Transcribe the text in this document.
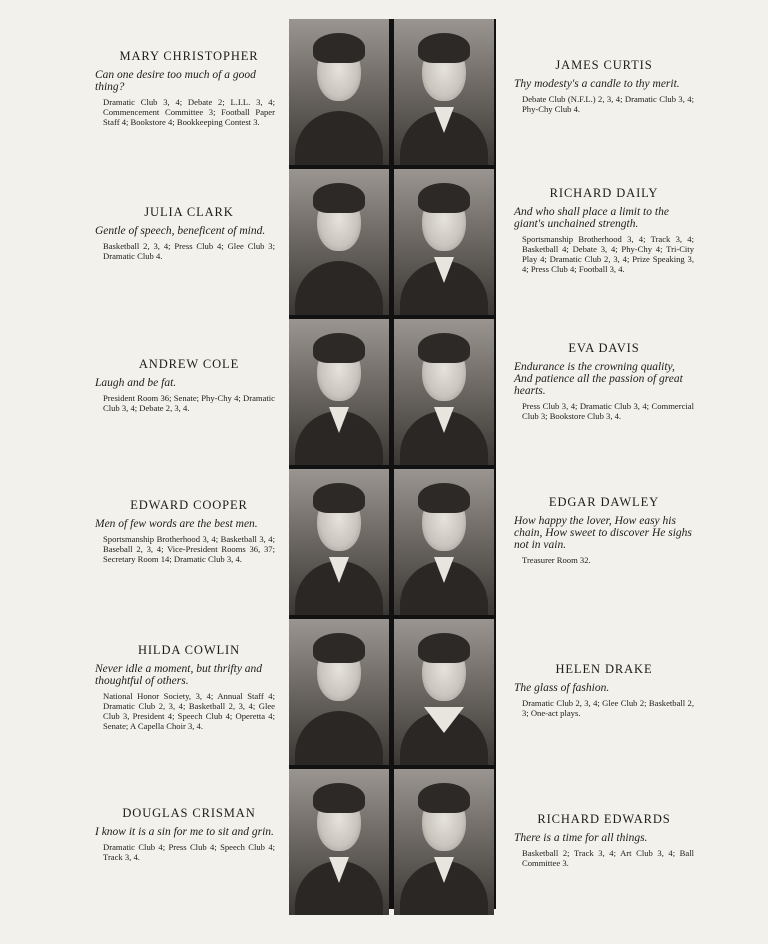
MARY CHRISTOPHER

Can one desire too much of a good thing?

Dramatic Club 3, 4; Debate 2; L.I.L. 3, 4; Commencement Committee 3; Football Paper Staff 4; Bookstore 4; Bookkeeping Contest 3.

JULIA CLARK

Gentle of speech, beneficent of mind.

Basketball 2, 3, 4; Press Club 4; Glee Club 3; Dramatic Club 4.

ANDREW COLE

Laugh and be fat.

President Room 36; Senate; Phy-Chy 4; Dramatic Club 3, 4; Debate 2, 3, 4.

EDWARD COOPER

Men of few words are the best men.

Sportsmanship Brotherhood 3, 4; Basketball 3, 4; Baseball 2, 3, 4; Vice-President Rooms 36, 37; Secretary Room 14; Dramatic Club 3, 4.

HILDA COWLIN

Never idle a moment, but thrifty and thoughtful of others.

National Honor Society, 3, 4; Annual Staff 4; Dramatic Club 2, 3, 4; Basketball 2, 3, 4; Glee Club 3, President 4; Speech Club 4; Operetta 4; Senate; A Capella Choir 3, 4.

DOUGLAS CRISMAN

I know it is a sin for me to sit and grin.

Dramatic Club 4; Press Club 4; Speech Club 4; Track 3, 4.

JAMES CURTIS

Thy modesty's a candle to thy merit.

Debate Club (N.F.L.) 2, 3, 4; Dramatic Club 3, 4; Phy-Chy Club 4.

RICHARD DAILY

And who shall place a limit to the giant's unchained strength.

Sportsmanship Brotherhood 3, 4; Track 3, 4; Basketball 4; Debate 3, 4; Phy-Chy 4; Tri-City Play 4; Dramatic Club 2, 3, 4; Prize Speaking 3, 4; Press Club 4; Football 3, 4.

EVA DAVIS

Endurance is the crowning quality, And patience all the passion of great hearts.

Press Club 3, 4; Dramatic Club 3, 4; Commercial Club 3; Bookstore Club 3, 4.

EDGAR DAWLEY

How happy the lover, How easy his chain, How sweet to discover He sighs not in vain.

Treasurer Room 32.

HELEN DRAKE

The glass of fashion.

Dramatic Club 2, 3, 4; Glee Club 2; Basketball 2, 3; One-act plays.

RICHARD EDWARDS

There is a time for all things.

Basketball 2; Track 3, 4; Art Club 3, 4; Ball Committee 3.
